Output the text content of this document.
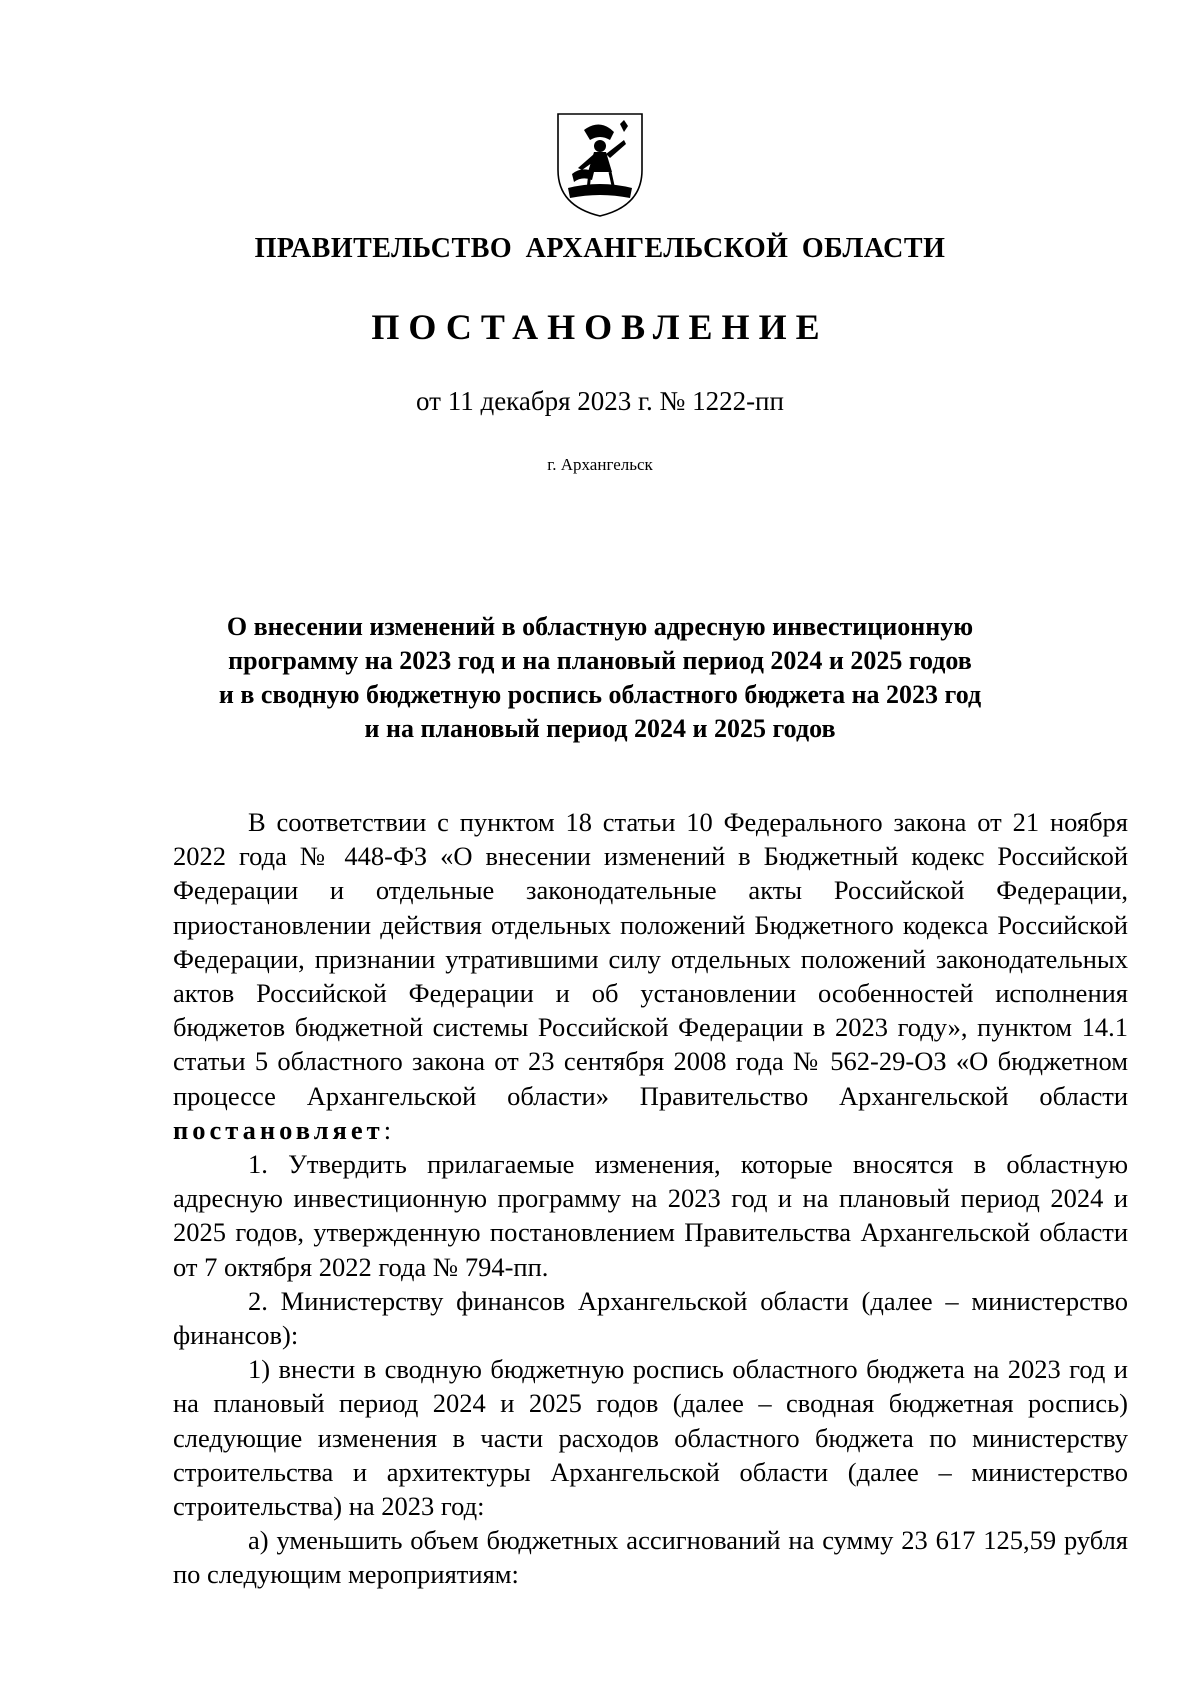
ПРАВИТЕЛЬСТВО АРХАНГЕЛЬСКОЙ ОБЛАСТИ
ПОСТАНОВЛЕНИЕ
от 11 декабря 2023 г. № 1222-пп
г. Архангельск
О внесении изменений в областную адресную инвестиционную
программу на 2023 год и на плановый период 2024 и 2025 годов
и в сводную бюджетную роспись областного бюджета на 2023 год
и на плановый период 2024 и 2025 годов

В соответствии с пунктом 18 статьи 10 Федерального закона от 21 ноября 2022 года № 448-ФЗ «О внесении изменений в Бюджетный кодекс Российской Федерации и отдельные законодательные акты Российской Федерации, приостановлении действия отдельных положений Бюджетного кодекса Российской Федерации, признании утратившими силу отдельных положений законодательных актов Российской Федерации и об установлении особенностей исполнения бюджетов бюджетной системы Российской Федерации в 2023 году», пунктом 14.1 статьи 5 областного закона от 23 сентября 2008 года № 562-29-ОЗ «О бюджетном процессе Архангельской области» Правительство Архангельской области постановляет:

1. Утвердить прилагаемые изменения, которые вносятся в областную адресную инвестиционную программу на 2023 год и на плановый период 2024 и 2025 годов, утвержденную постановлением Правительства Архангельской области от 7 октября 2022 года № 794-пп.

2. Министерству финансов Архангельской области (далее – министерство финансов):

1) внести в сводную бюджетную роспись областного бюджета на 2023 год и на плановый период 2024 и 2025 годов (далее – сводная бюджетная роспись) следующие изменения в части расходов областного бюджета по министерству строительства и архитектуры Архангельской области (далее – министерство строительства) на 2023 год:

а) уменьшить объем бюджетных ассигнований на сумму 23 617 125,59 рубля по следующим мероприятиям:
